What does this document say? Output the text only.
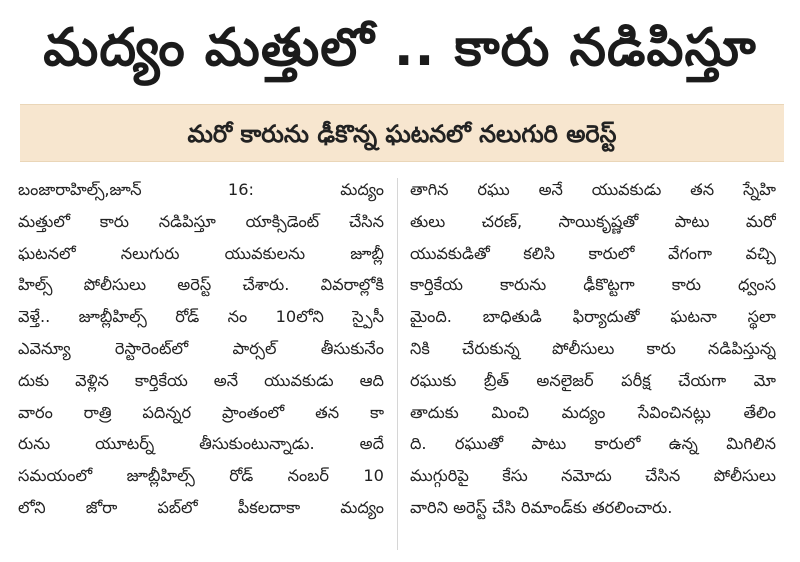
మద్యం మత్తులో .. కారు నడిపిస్తూ
మరో కారును ఢీకొన్న ఘటనలో నలుగురి అరెస్ట్
బంజారాహిల్స్,జూన్ 16: మద్యం
మత్తులో కారు నడిపిస్తూ యాక్సిడెంట్ చేసిన
ఘటనలో నలుగురు యువకులను జూబ్లీ
హిల్స్ పోలీసులు అరెస్ట్ చేశారు. వివరాల్లోకి
వెళ్తే.. జూబ్లీహిల్స్ రోడ్ నం 10లోని స్పైసీ
ఎవెన్యూ రెస్టారెంట్‌లో పార్సల్ తీసుకునేం
దుకు వెళ్లిన కార్తికేయ అనే యువకుడు ఆది
వారం రాత్రి పదిన్నర ప్రాంతంలో తన కా
రును యూటర్న్ తీసుకుంటున్నాడు. అదే
సమయంలో జూబ్లీహిల్స్ రోడ్ నంబర్ 10
లోని జోరా పబ్‌లో పీకలదాకా మద్యం
తాగిన రఘు అనే యువకుడు తన స్నేహి
తులు చరణ్, సాయికృష్ణతో పాటు మరో
యువకుడితో కలిసి కారులో వేగంగా వచ్చి
కార్తికేయ కారును ఢీకొట్టగా కారు ధ్వంస
మైంది. బాధితుడి ఫిర్యాదుతో ఘటనా స్థలా
నికి చేరుకున్న పోలీసులు కారు నడిపిస్తున్న
రఘుకు బ్రీత్ అనలైజర్ పరీక్ష చేయగా మో
తాదుకు మించి మద్యం సేవించినట్లు తేలిం
ది. రఘుతో పాటు కారులో ఉన్న మిగిలిన
ముగ్గురిపై కేసు నమోదు చేసిన పోలీసులు
వారిని అరెస్ట్ చేసి రిమాండ్‌కు తరలించారు.
